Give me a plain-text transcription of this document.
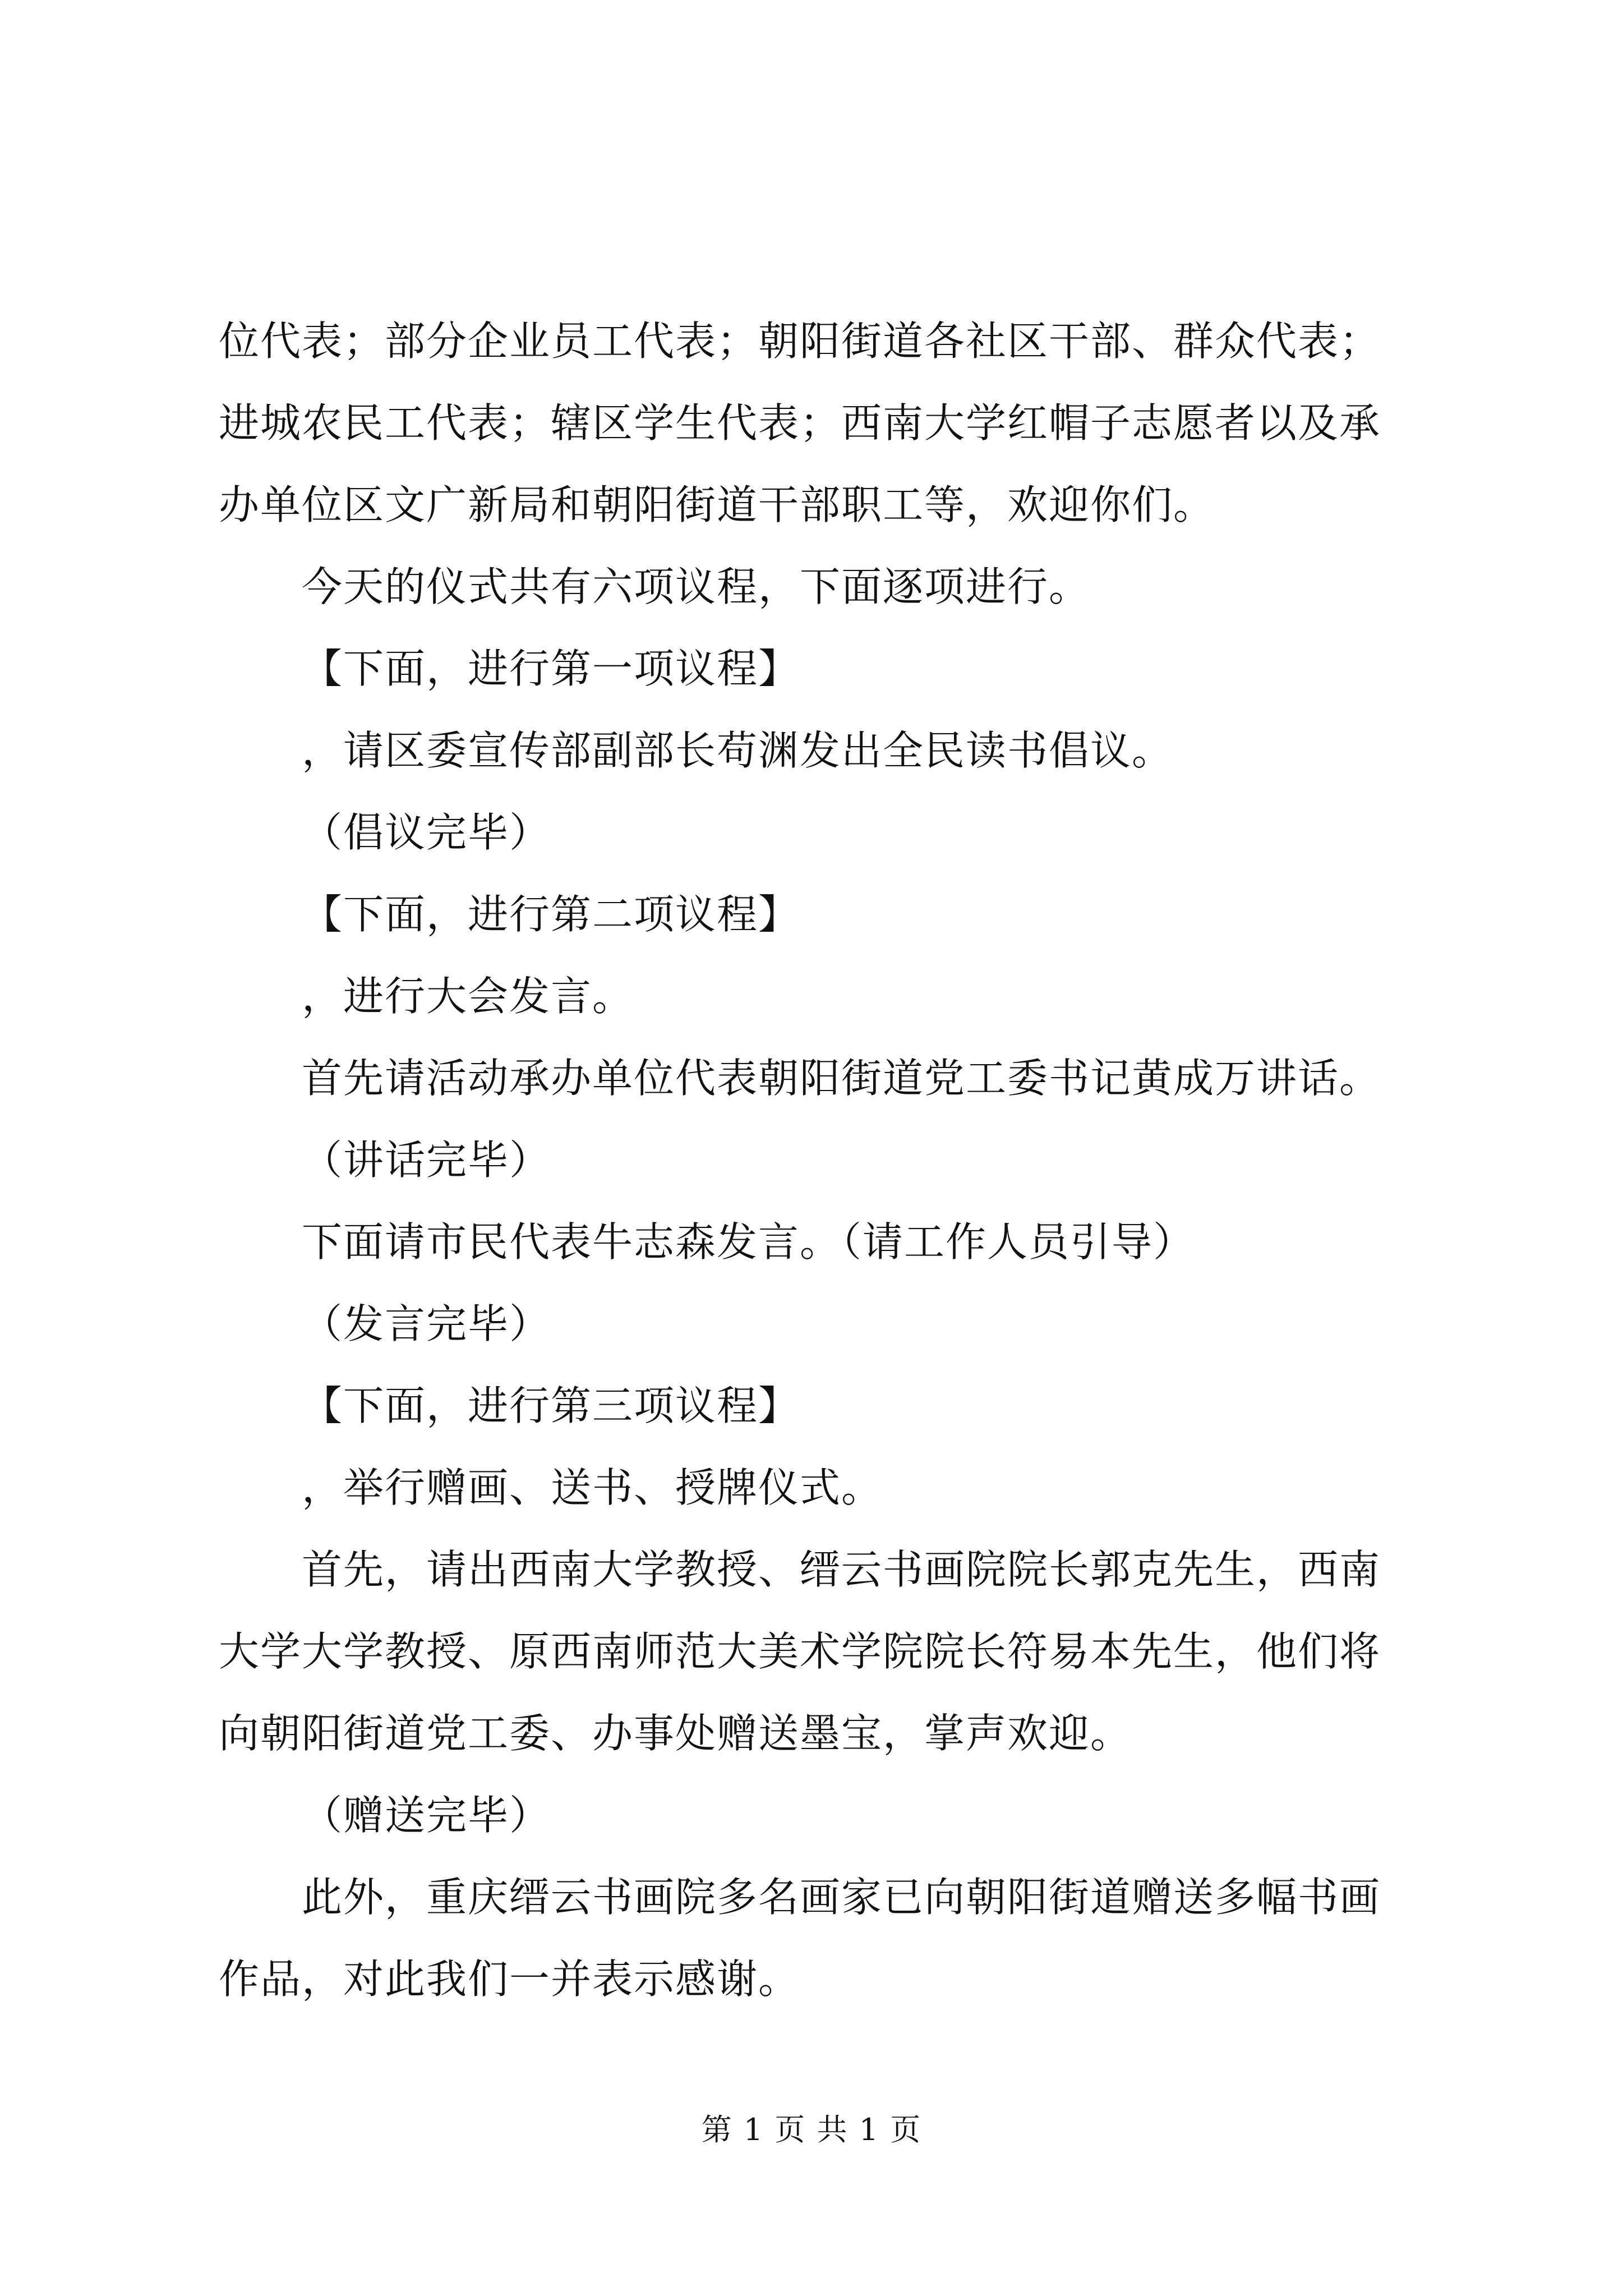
位代表；部分企业员工代表；朝阳街道各社区干部、群众代表；进城农民工代表；辖区学生代表；西南大学红帽子志愿者以及承办单位区文广新局和朝阳街道干部职工等，欢迎你们。

今天的仪式共有六项议程，下面逐项进行。

【下面，进行第一项议程】

，请区委宣传部副部长苟渊发出全民读书倡议。

（倡议完毕）

【下面，进行第二项议程】

，进行大会发言。

首先请活动承办单位代表朝阳街道党工委书记黄成万讲话。

（讲话完毕）

下面请市民代表牛志森发言。（请工作人员引导）

（发言完毕）

【下面，进行第三项议程】

，举行赠画、送书、授牌仪式。

首先，请出西南大学教授、缙云书画院院长郭克先生，西南大学大学教授、原西南师范大美术学院院长符易本先生，他们将向朝阳街道党工委、办事处赠送墨宝，掌声欢迎。

（赠送完毕）

此外，重庆缙云书画院多名画家已向朝阳街道赠送多幅书画作品，对此我们一并表示感谢。

第 1 页 共 1 页
